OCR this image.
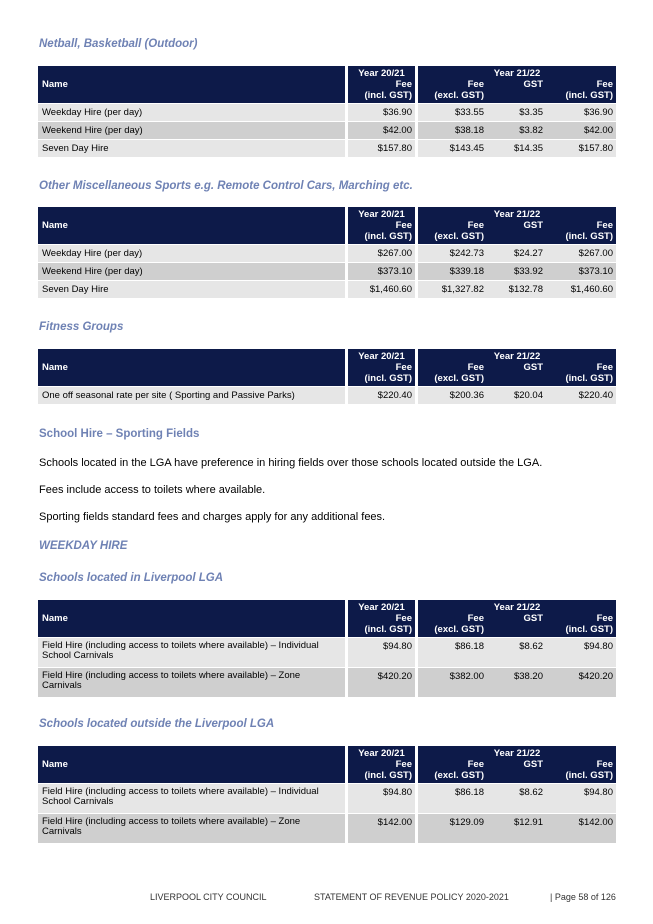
Netball, Basketball (Outdoor)
Name	Year 20/21	Year 21/22		
	Fee	Fee	GST	Fee
	(incl. GST)	(excl. GST)		(incl. GST)
Weekday Hire (per day)	$36.90	$33.55	$3.35	$36.90
Weekend Hire (per day)	$42.00	$38.18	$3.82	$42.00
Seven Day Hire	$157.80	$143.45	$14.35	$157.80
Other Miscellaneous Sports e.g. Remote Control Cars, Marching etc.
Name	Year 20/21	Year 21/22		
	Fee	Fee	GST	Fee
	(incl. GST)	(excl. GST)		(incl. GST)
Weekday Hire (per day)	$267.00	$242.73	$24.27	$267.00
Weekend Hire (per day)	$373.10	$339.18	$33.92	$373.10
Seven Day Hire	$1,460.60	$1,327.82	$132.78	$1,460.60
Fitness Groups
Name	Year 20/21	Year 21/22		
	Fee	Fee	GST	Fee
	(incl. GST)	(excl. GST)		(incl. GST)
One off seasonal rate per site ( Sporting and Passive Parks)	$220.40	$200.36	$20.04	$220.40
School Hire – Sporting Fields

Schools located in the LGA have preference in hiring fields over those schools located outside the LGA.

Fees include access to toilets where available.

Sporting fields standard fees and charges apply for any additional fees.

WEEKDAY HIRE
Schools located in Liverpool LGA
Name	Year 20/21	Year 21/22		
	Fee	Fee	GST	Fee
	(incl. GST)	(excl. GST)		(incl. GST)
Field Hire (including access to toilets where available) – Individual School Carnivals	$94.80	$86.18	$8.62	$94.80
Field Hire (including access to toilets where available) – Zone Carnivals	$420.20	$382.00	$38.20	$420.20
Schools located outside the Liverpool LGA
Name	Year 20/21	Year 21/22		
	Fee	Fee	GST	Fee
	(incl. GST)	(excl. GST)		(incl. GST)
Field Hire (including access to toilets where available) – Individual School Carnivals	$94.80	$86.18	$8.62	$94.80
Field Hire (including access to toilets where available) – Zone Carnivals	$142.00	$129.09	$12.91	$142.00
LIVERPOOL CITY COUNCIL	STATEMENT OF REVENUE POLICY 2020-2021	| Page 58 of 126
